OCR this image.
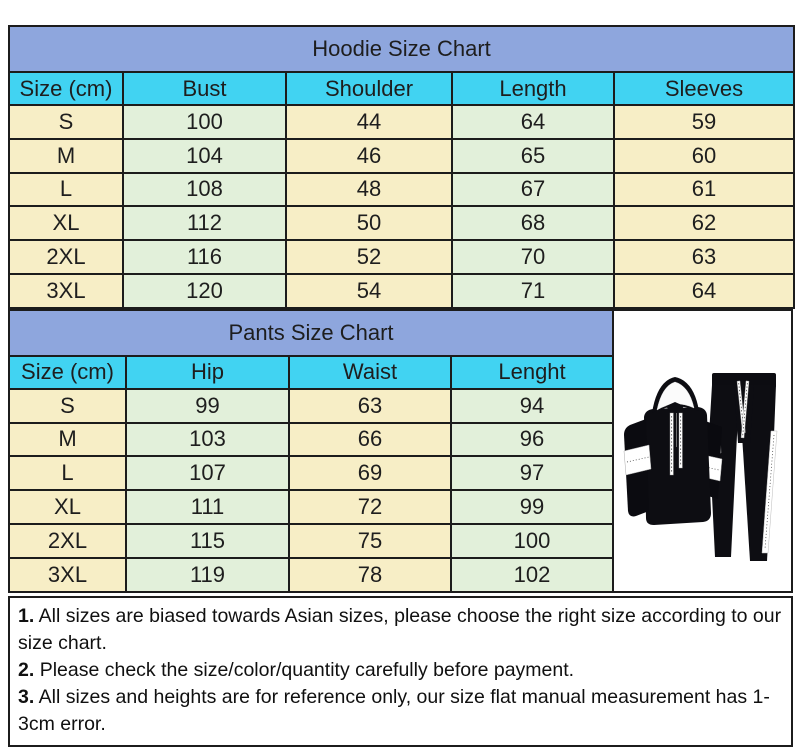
Hoodie Size Chart				
Size (cm)	Bust	Shoulder	Length	Sleeves
S	100	44	64	59
M	104	46	65	60
L	108	48	67	61
XL	112	50	68	62
2XL	116	52	70	63
3XL	120	54	71	64
Pants Size Chart			
Size (cm)	Hip	Waist	Lenght
S	99	63	94
M	103	66	96
L	107	69	97
XL	111	72	99
2XL	115	75	100
3XL	119	78	102
1. All sizes are biased towards Asian sizes, please choose the right size according to our size chart.
2. Please check the size/color/quantity carefully before payment.
3. All sizes and heights are for reference only, our size flat manual measurement has 1-3cm error.
